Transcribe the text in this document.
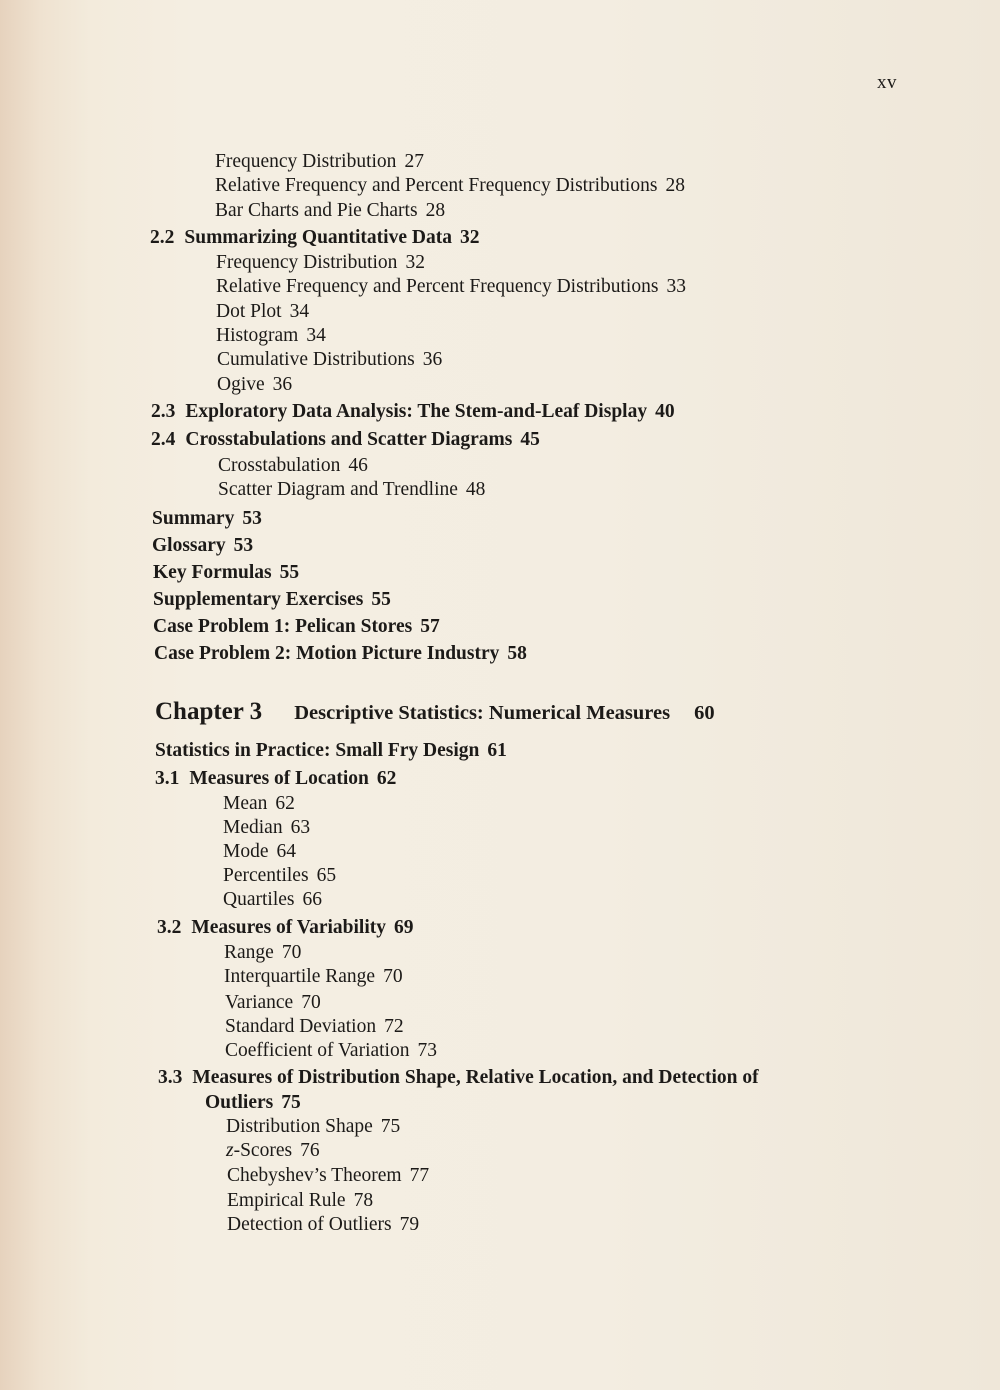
xv
Frequency Distribution 27
Relative Frequency and Percent Frequency Distributions 28
Bar Charts and Pie Charts 28
2.2 Summarizing Quantitative Data 32
Frequency Distribution 32
Relative Frequency and Percent Frequency Distributions 33
Dot Plot 34
Histogram 34
Cumulative Distributions 36
Ogive 36
2.3 Exploratory Data Analysis: The Stem-and-Leaf Display 40
2.4 Crosstabulations and Scatter Diagrams 45
Crosstabulation 46
Scatter Diagram and Trendline 48
Summary 53
Glossary 53
Key Formulas 55
Supplementary Exercises 55
Case Problem 1: Pelican Stores 57
Case Problem 2: Motion Picture Industry 58
Chapter 3 Descriptive Statistics: Numerical Measures 60
Statistics in Practice: Small Fry Design 61
3.1 Measures of Location 62
Mean 62
Median 63
Mode 64
Percentiles 65
Quartiles 66
3.2 Measures of Variability 69
Range 70
Interquartile Range 70
Variance 70
Standard Deviation 72
Coefficient of Variation 73
3.3 Measures of Distribution Shape, Relative Location, and Detection of
Outliers 75
Distribution Shape 75
z-Scores 76
Chebyshev’s Theorem 77
Empirical Rule 78
Detection of Outliers 79
